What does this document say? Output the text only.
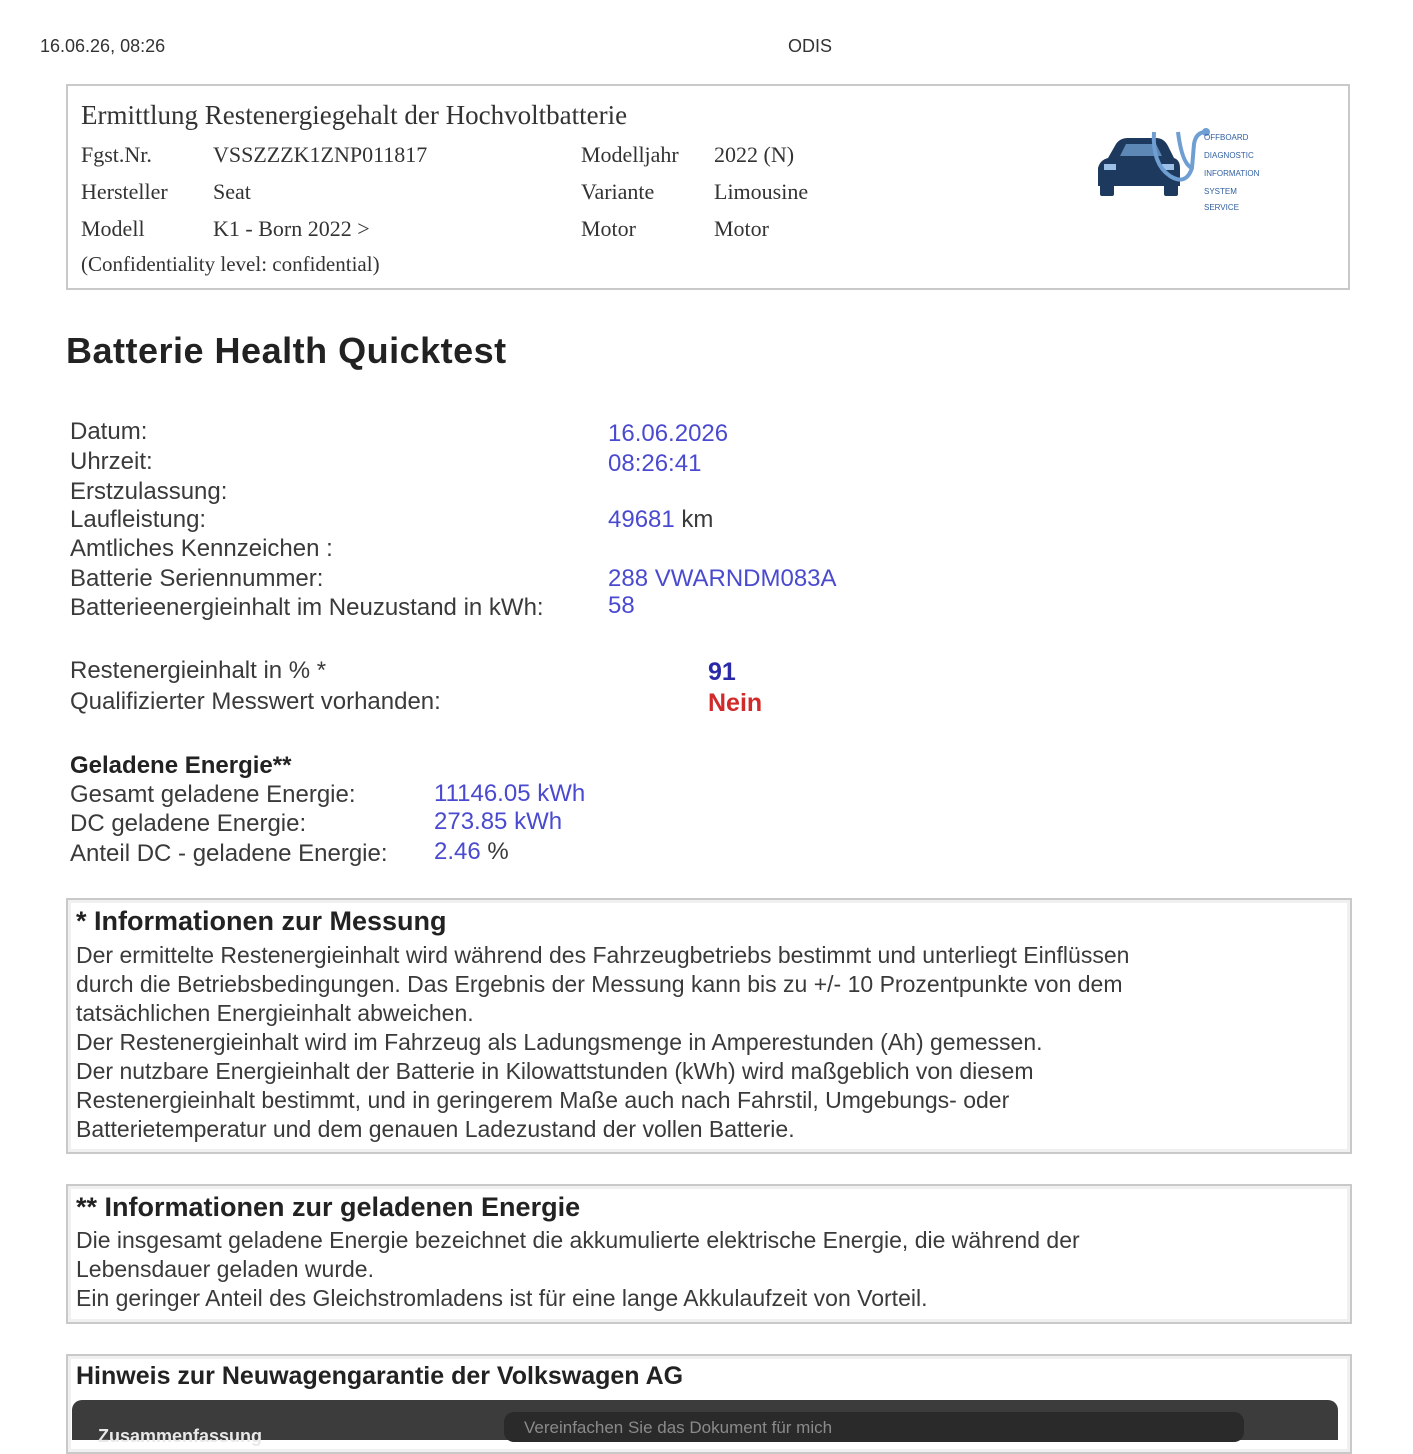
16.06.26, 08:26	ODIS
Ermittlung Restenergiegehalt der Hochvoltbatterie
Fgst.Nr.	VSSZZZK1ZNP011817	Modelljahr 2022 (N)
Hersteller Seat	Variante	Limousine
Modell	K1 - Born 2022 >	Motor	Motor
(Confidentiality level: confidential)
OFFBOARD
DIAGNOSTIC
INFORMATION
SYSTEM
SERVICE
Batterie Health Quicktest
Datum:	16.06.2026
Uhrzeit:	08:26:41
Erstzulassung:
Laufleistung:	49681 km
Amtliches Kennzeichen :
Batterie Seriennummer:	288 VWARNDM083A
Batterieenergieinhalt im Neuzustand in kWh:	58
Restenergieinhalt in % *	91
Qualifizierter Messwert vorhanden:	Nein
Geladene Energie**
Gesamt geladene Energie:	11146.05 kWh
DC geladene Energie:	273.85 kWh
Anteil DC - geladene Energie: 2.46 %
* Informationen zur Messung
Der ermittelte Restenergieinhalt wird während des Fahrzeugbetriebs bestimmt und unterliegt Einflüssen
durch die Betriebsbedingungen. Das Ergebnis der Messung kann bis zu +/- 10 Prozentpunkte von dem
tatsächlichen Energieinhalt abweichen.
Der Restenergieinhalt wird im Fahrzeug als Ladungsmenge in Amperestunden (Ah) gemessen.
Der nutzbare Energieinhalt der Batterie in Kilowattstunden (kWh) wird maßgeblich von diesem
Restenergieinhalt bestimmt, und in geringerem Maße auch nach Fahrstil, Umgebungs- oder
Batterietemperatur und dem genauen Ladezustand der vollen Batterie.
** Informationen zur geladenen Energie
Die insgesamt geladene Energie bezeichnet die akkumulierte elektrische Energie, die während der
Lebensdauer geladen wurde.
Ein geringer Anteil des Gleichstromladens ist für eine lange Akkulaufzeit von Vorteil.
Hinweis zur Neuwagengarantie der Volkswagen AG
Zusammenfassung	Vereinfachen Sie das Dokument für mich
